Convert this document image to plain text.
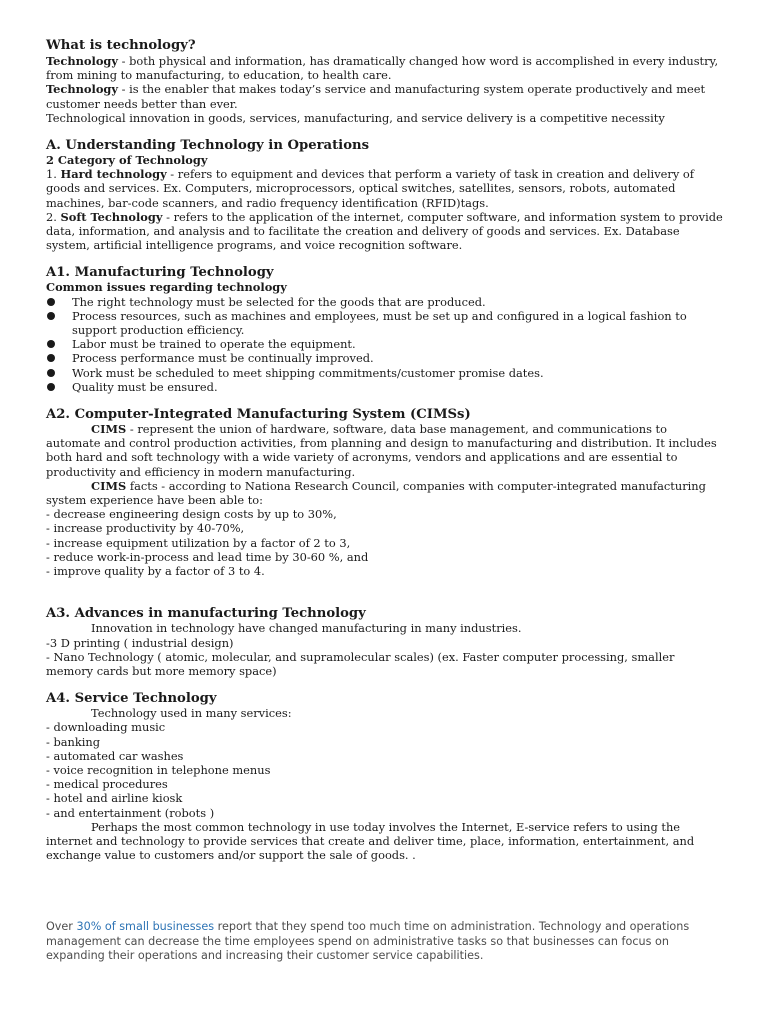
What is technology?

Technology - both physical and information, has dramatically changed how word is accomplished in every industry, from mining to manufacturing, to education, to health care.

Technology - is the enabler that makes today’s service and manufacturing system operate productively and meet customer needs better than ever.

Technological innovation in goods, services, manufacturing, and service delivery is a competitive necessity

A. Understanding Technology in Operations

2 Category of Technology

1. Hard technology - refers to equipment and devices that perform a variety of task in creation and delivery of goods and services. Ex. Computers, microprocessors, optical switches, satellites, sensors, robots, automated machines, bar-code scanners, and radio frequency identification (RFID)tags.

2. Soft Technology - refers to the application of the internet, computer software, and information system to provide data, information, and analysis and to facilitate the creation and delivery of goods and services. Ex. Database system, artificial intelligence programs, and voice recognition software.

A1. Manufacturing Technology

Common issues regarding technology

The right technology must be selected for the goods that are produced.
Process resources, such as machines and employees, must be set up and configured in a logical fashion to support production efficiency.
Labor must be trained to operate the equipment.
Process performance must be continually improved.
Work must be scheduled to meet shipping commitments/customer promise dates.
Quality must be ensured.
A2. Computer-Integrated Manufacturing System (CIMSs)

CIMS - represent the union of hardware, software, data base management, and communications to automate and control production activities, from planning and design to manufacturing and distribution. It includes both hard and soft technology with a wide variety of acronyms, vendors and applications and are essential to productivity and efficiency in modern manufacturing.

CIMS facts - according to Nationa Research Council, companies with computer-integrated manufacturing system experience have been able to:

- decrease engineering design costs by up to 30%,

- increase productivity by 40-70%,

- increase equipment utilization by a factor of 2 to 3,

- reduce work-in-process and lead time by 30-60 %, and

- improve quality by a factor of 3 to 4.

A3. Advances in manufacturing Technology

Innovation in technology have changed manufacturing in many industries.

-3 D printing ( industrial design)

- Nano Technology ( atomic, molecular, and supramolecular scales) (ex. Faster computer processing, smaller memory cards but more memory space)

A4. Service Technology

Technology used in many services:

- downloading music

- banking

- automated car washes

- voice recognition in telephone menus

- medical procedures

- hotel and airline kiosk

- and entertainment (robots )

Perhaps the most common technology in use today involves the Internet, E-service refers to using the internet and technology to provide services that create and deliver time, place, information, entertainment, and exchange value to customers and/or support the sale of goods. .

Over 30% of small businesses report that they spend too much time on administration. Technology and operations management can decrease the time employees spend on administrative tasks so that businesses can focus on expanding their operations and increasing their customer service capabilities.
